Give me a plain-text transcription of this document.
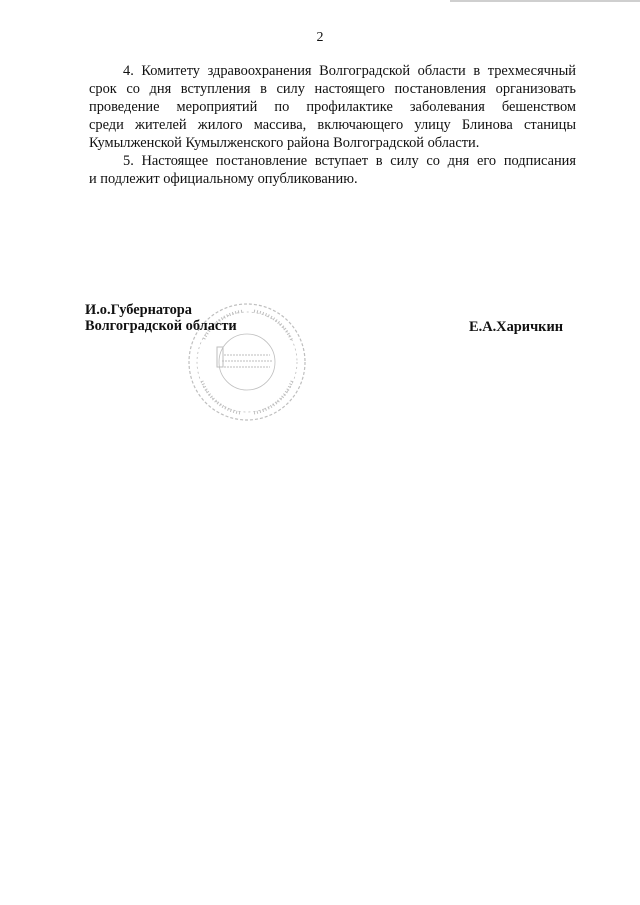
2

4. Комитету здравоохранения Волгоградской области в трехмесячный
срок со дня вступления в силу настоящего постановления организовать
проведение мероприятий по профилактике заболевания бешенством
среди жителей жилого массива, включающего улицу Блинова станицы
Кумылженской Кумылженского района Волгоградской области.

5. Настоящее постановление вступает в силу со дня его подписания
и подлежит официальному опубликованию.

И.о.Губернатора
Волгоградской области	Е.А.Харичкин
